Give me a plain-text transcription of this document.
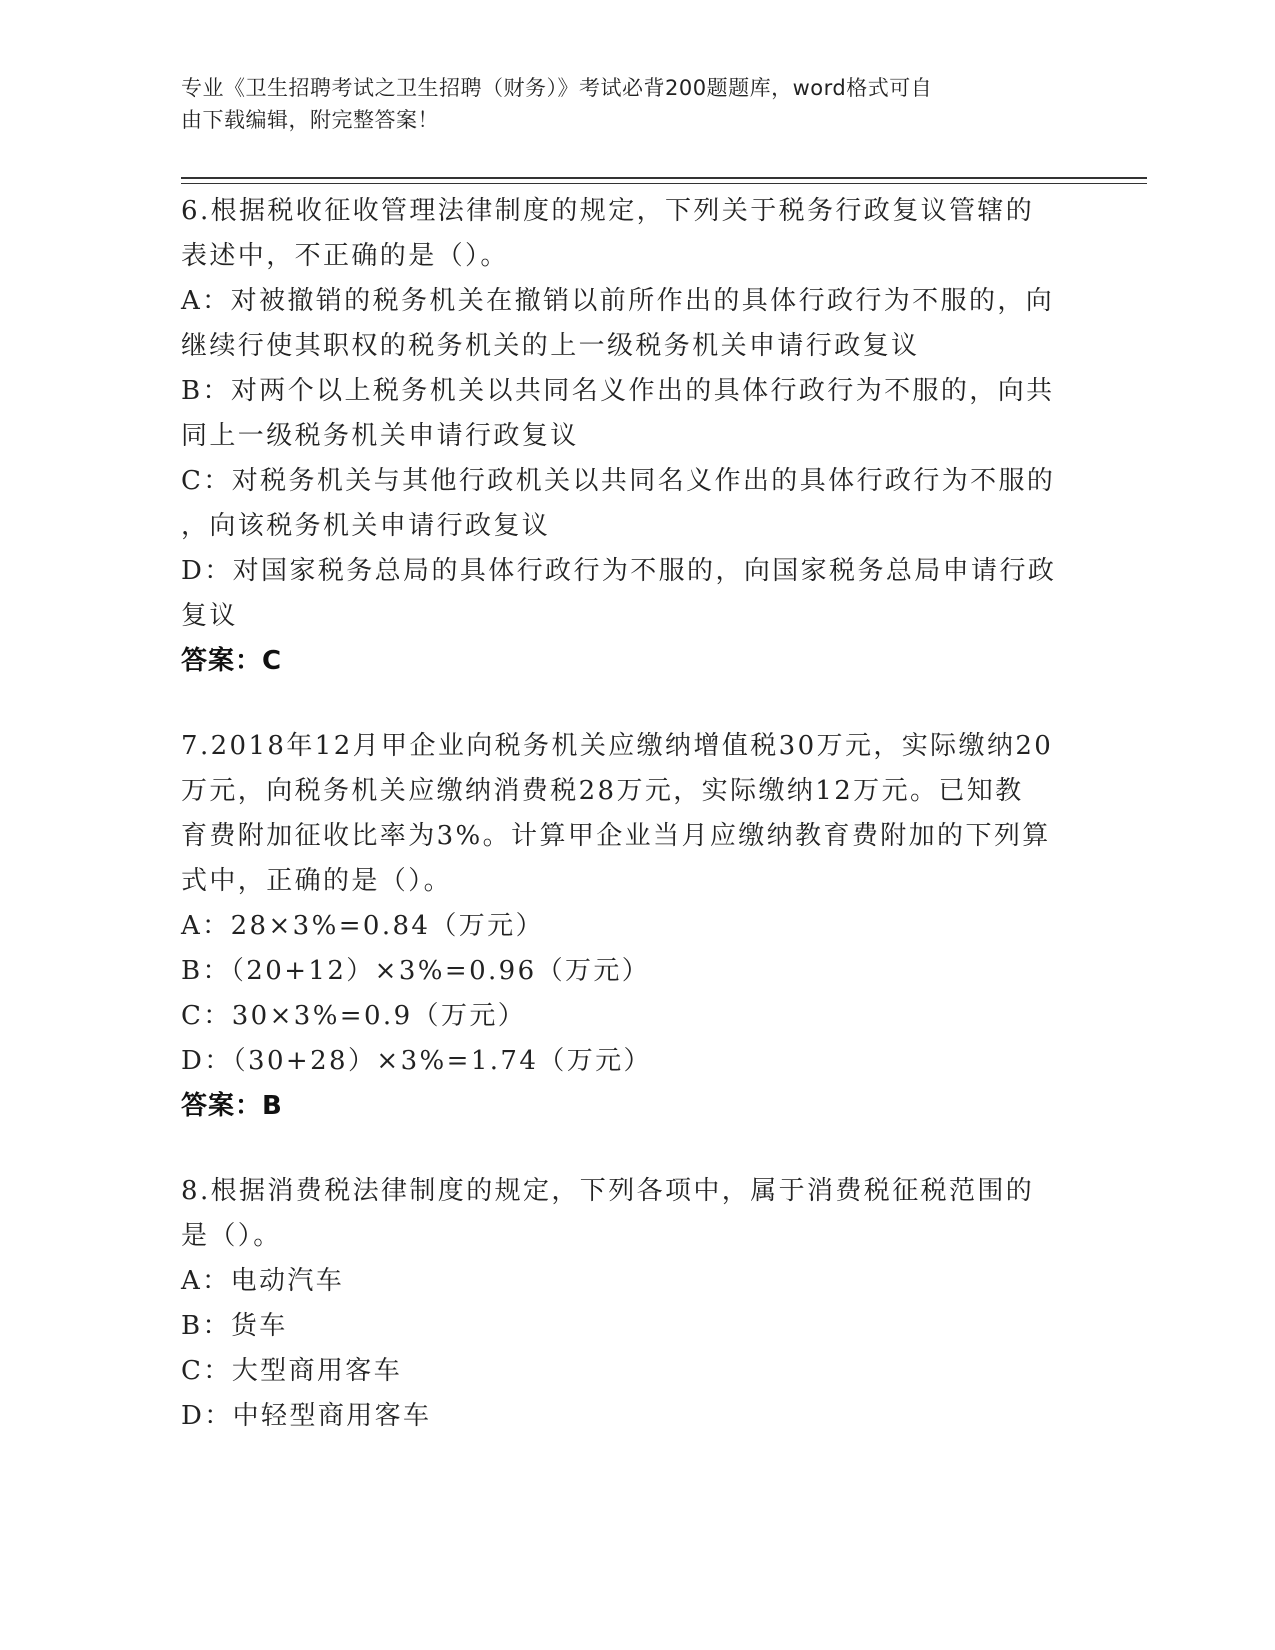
专业《卫生招聘考试之卫生招聘（财务）》考试必背200题题库，word格式可自
由下载编辑，附完整答案！
6.根据税收征收管理法律制度的规定，下列关于税务行政复议管辖的
表述中，不正确的是（）。
A：对被撤销的税务机关在撤销以前所作出的具体行政行为不服的，向
继续行使其职权的税务机关的上一级税务机关申请行政复议
B：对两个以上税务机关以共同名义作出的具体行政行为不服的，向共
同上一级税务机关申请行政复议
C：对税务机关与其他行政机关以共同名义作出的具体行政行为不服的
，向该税务机关申请行政复议
D：对国家税务总局的具体行政行为不服的，向国家税务总局申请行政
复议
答案：C
7.2018年12月甲企业向税务机关应缴纳增值税30万元，实际缴纳20
万元，向税务机关应缴纳消费税28万元，实际缴纳12万元。已知教
育费附加征收比率为3%。计算甲企业当月应缴纳教育费附加的下列算
式中，正确的是（）。
A：28×3%=0.84（万元）
B：（20+12）×3%=0.96（万元）
C：30×3%=0.9（万元）
D：（30+28）×3%=1.74（万元）
答案：B
8.根据消费税法律制度的规定，下列各项中，属于消费税征税范围的
是（）。
A：电动汽车
B：货车
C：大型商用客车
D：中轻型商用客车
